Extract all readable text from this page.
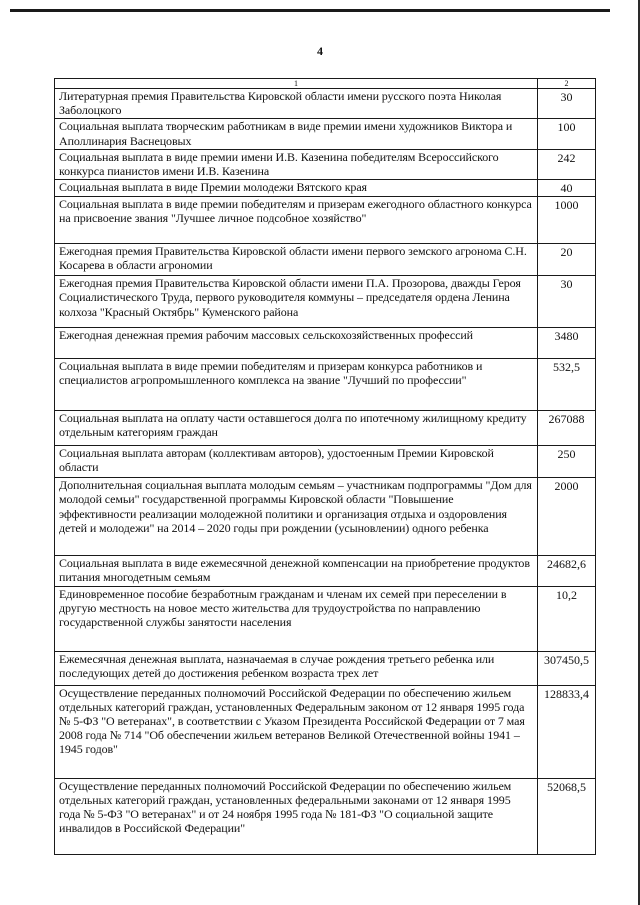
4
1	2
Литературная премия Правительства Кировской области имени русского поэта Николая Заболоцкого	30
Социальная выплата творческим работникам в виде премии имени художников Виктора и Аполлинария Васнецовых	100
Социальная выплата в виде премии имени И.В. Казенина победителям Всероссийского конкурса пианистов имени И.В. Казенина	242
Социальная выплата в виде Премии молодежи Вятского края	40
Социальная выплата в виде премии победителям и призерам ежегодного областного конкурса на присвоение звания "Лучшее личное подсобное хозяйство"	1000
Ежегодная премия Правительства Кировской области имени первого земского агронома С.Н. Косарева в области агрономии	20
Ежегодная премия Правительства Кировской области имени П.А. Прозорова, дважды Героя Социалистического Труда, первого руководителя коммуны – председателя ордена Ленина колхоза "Красный Октябрь" Куменского района	30
Ежегодная денежная премия рабочим массовых сельскохозяйственных профессий	3480
Социальная выплата в виде премии победителям и призерам конкурса работников и специалистов агропромышленного комплекса на звание "Лучший по профессии"	532,5
Социальная выплата на оплату части оставшегося долга по ипотечному жилищному кредиту отдельным категориям граждан	267088
Социальная выплата авторам (коллективам авторов), удостоенным Премии Кировской области	250
Дополнительная социальная выплата молодым семьям – участникам подпрограммы "Дом для молодой семьи" государственной программы Кировской области "Повышение эффективности реализации молодежной политики и организация отдыха и оздоровления детей и молодежи" на 2014 – 2020 годы при рождении (усыновлении) одного ребенка	2000
Социальная выплата в виде ежемесячной денежной компенсации на приобретение продуктов питания многодетным семьям	24682,6
Единовременное пособие безработным гражданам и членам их семей при переселении в другую местность на новое место жительства для трудоустройства по направлению государственной службы занятости населения	10,2
Ежемесячная денежная выплата, назначаемая в случае рождения третьего ребенка или последующих детей до достижения ребенком возраста трех лет	307450,5
Осуществление переданных полномочий Российской Федерации по обеспечению жильем отдельных категорий граждан, установленных Федеральным законом от 12 января 1995 года № 5-ФЗ "О ветеранах", в соответствии с Указом Президента Российской Федерации от 7 мая 2008 года № 714 "Об обеспечении жильем ветеранов Великой Отечественной войны 1941 – 1945 годов"	128833,4
Осуществление переданных полномочий Российской Федерации по обеспечению жильем отдельных категорий граждан, установленных федеральными законами от 12 января 1995 года № 5-ФЗ "О ветеранах" и от 24 ноября 1995 года № 181-ФЗ "О социальной защите инвалидов в Российской Федерации"	52068,5
